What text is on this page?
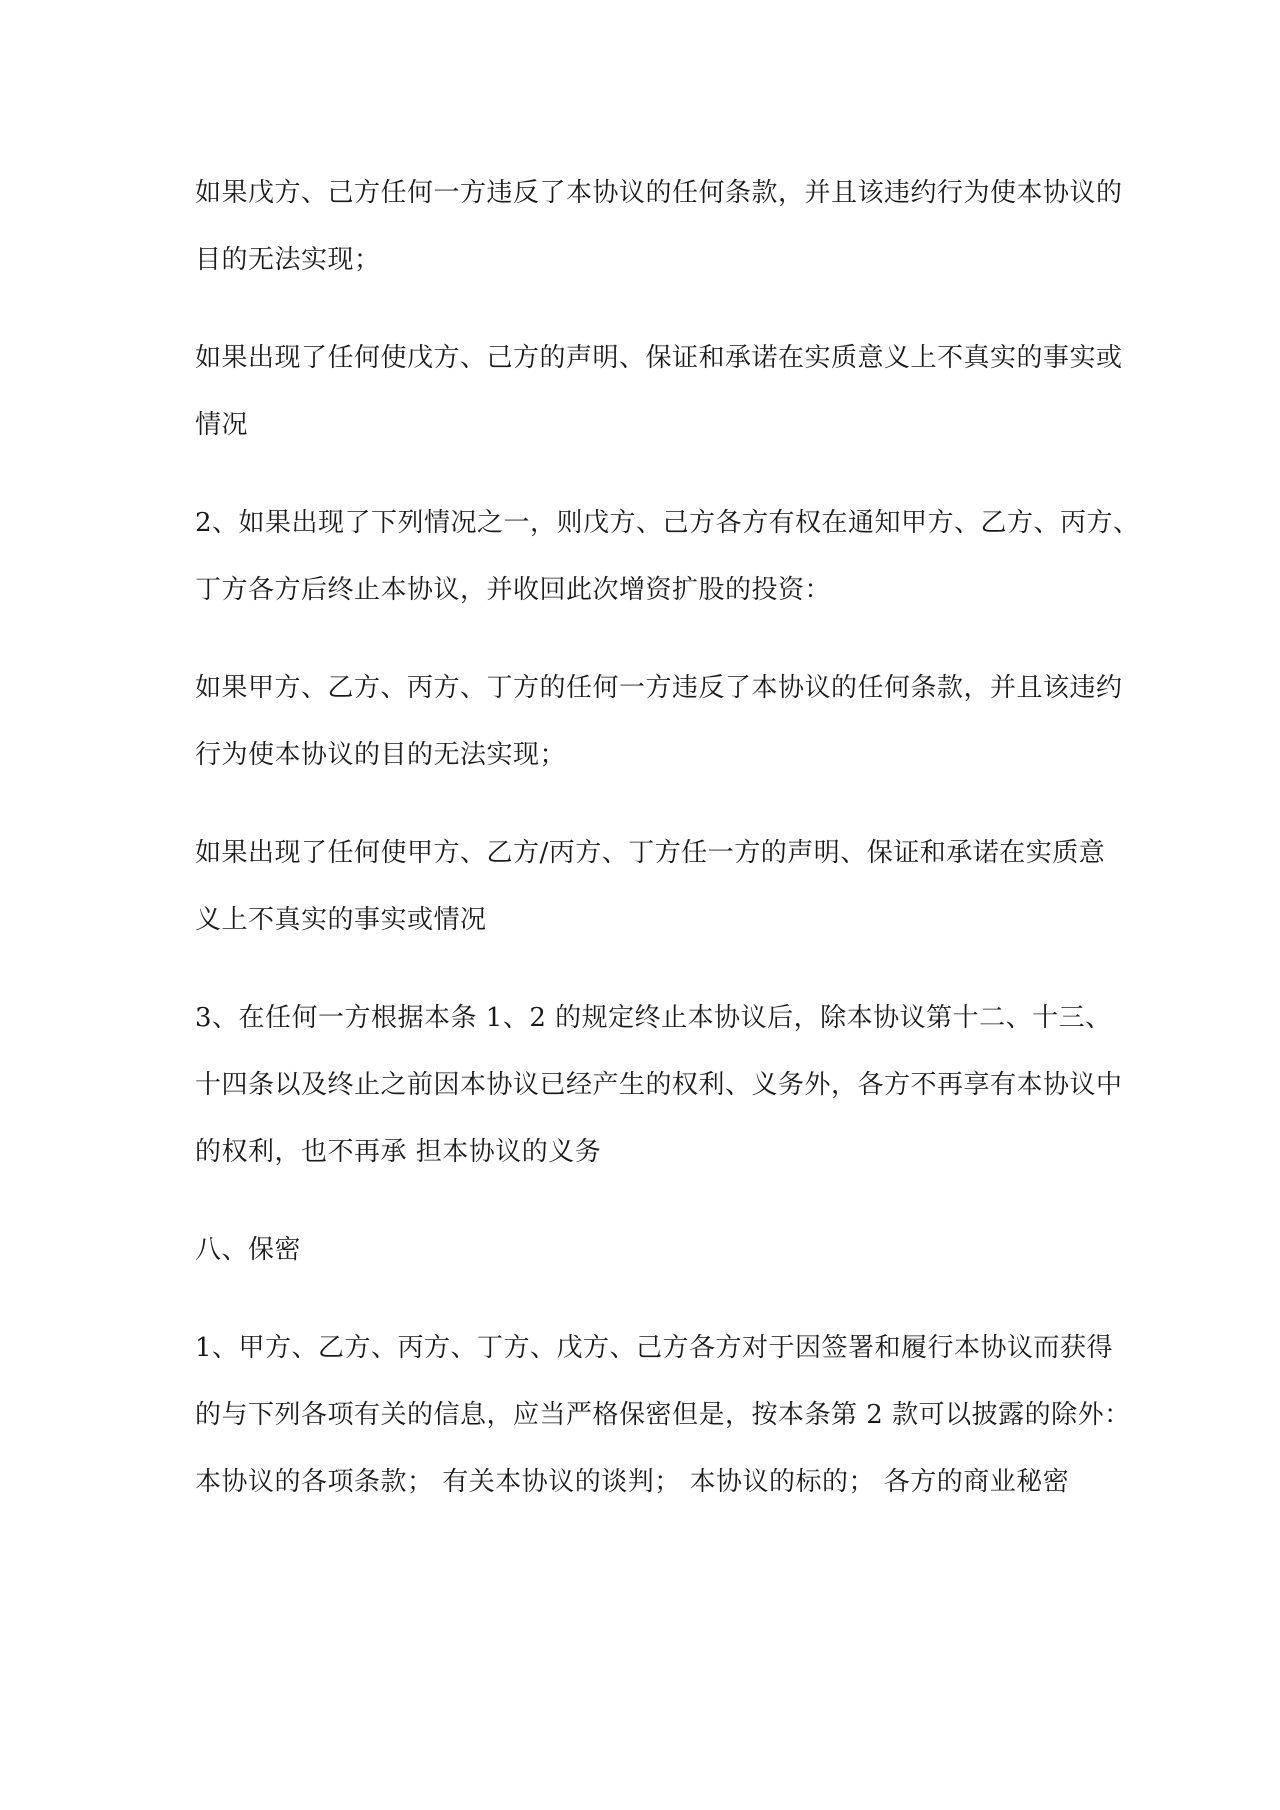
如果戊方、己方任何一方违反了本协议的任何条款，并且该违约行为使本协议的
目的无法实现；

如果出现了任何使戊方、己方的声明、保证和承诺在实质意义上不真实的事实或
情况

2、如果出现了下列情况之一，则戊方、己方各方有权在通知甲方、乙方、丙方、
丁方各方后终止本协议，并收回此次增资扩股的投资：

如果甲方、乙方、丙方、丁方的任何一方违反了本协议的任何条款，并且该违约
行为使本协议的目的无法实现；

如果出现了任何使甲方、乙方/丙方、丁方任一方的声明、保证和承诺在实质意
义上不真实的事实或情况

3、在任何一方根据本条 1、2 的规定终止本协议后，除本协议第十二、十三、
十四条以及终止之前因本协议已经产生的权利、义务外，各方不再享有本协议中
的权利，也不再承 担本协议的义务

八、保密

1、甲方、乙方、丙方、丁方、戊方、己方各方对于因签署和履行本协议而获得
的与下列各项有关的信息，应当严格保密但是，按本条第 2 款可以披露的除外：
本协议的各项条款； 有关本协议的谈判； 本协议的标的； 各方的商业秘密
